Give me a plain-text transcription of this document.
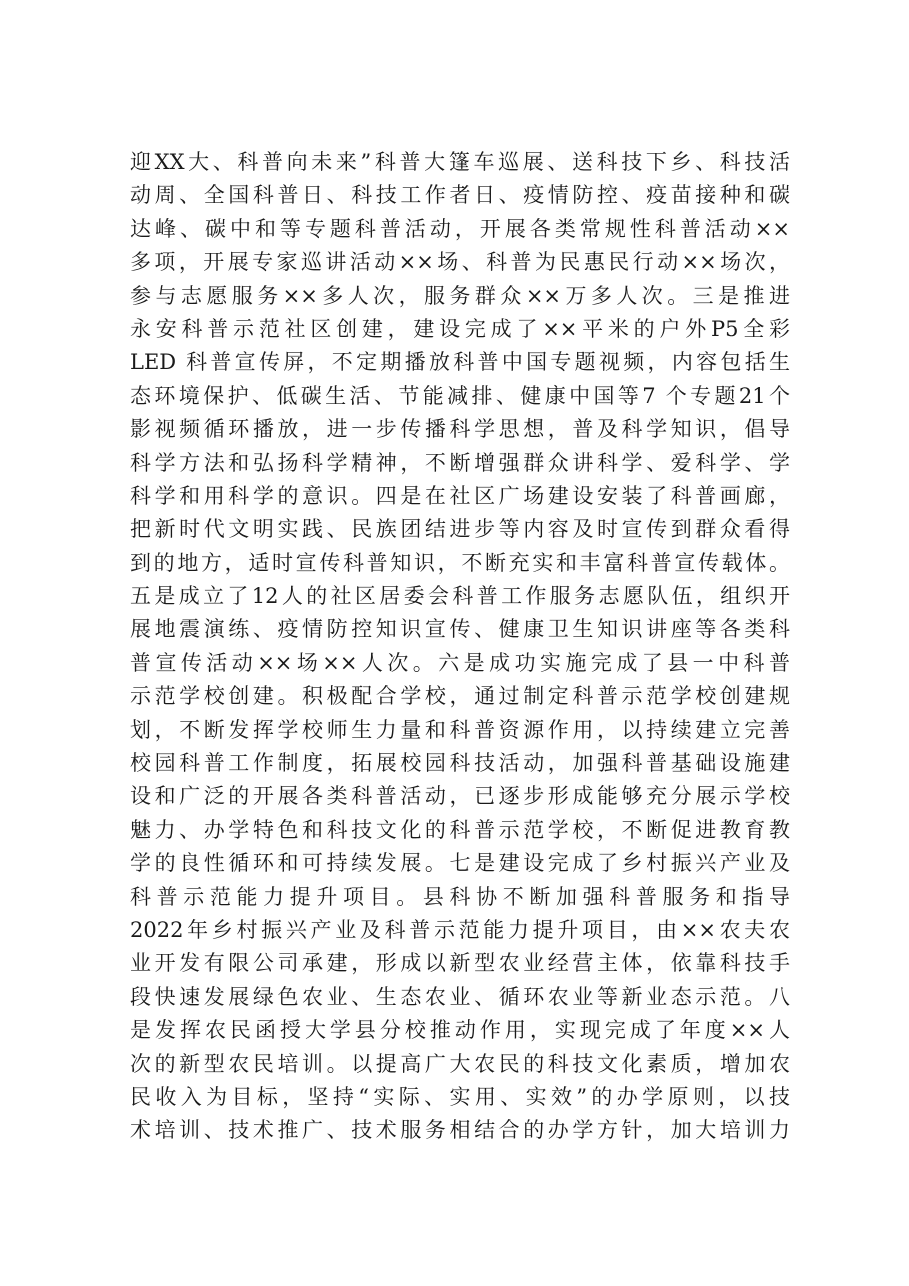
迎XX大、科普向未来”科普大篷车巡展、送科技下乡、科技活
动周、全国科普日、科技工作者日、疫情防控、疫苗接种和碳
达峰、碳中和等专题科普活动，开展各类常规性科普活动××
多项，开展专家巡讲活动××场、科普为民惠民行动××场次，
参与志愿服务××多人次，服务群众××万多人次。三是推进
永安科普示范社区创建，建设完成了××平米的户外P5全彩
LED 科普宣传屏，不定期播放科普中国专题视频，内容包括生
态环境保护、低碳生活、节能减排、健康中国等7 个专题21个
影视频循环播放，进一步传播科学思想，普及科学知识，倡导
科学方法和弘扬科学精神，不断增强群众讲科学、爱科学、学
科学和用科学的意识。四是在社区广场建设安装了科普画廊，
把新时代文明实践、民族团结进步等内容及时宣传到群众看得
到的地方，适时宣传科普知识，不断充实和丰富科普宣传载体。
五是成立了12人的社区居委会科普工作服务志愿队伍，组织开
展地震演练、疫情防控知识宣传、健康卫生知识讲座等各类科
普宣传活动××场××人次。六是成功实施完成了县一中科普
示范学校创建。积极配合学校，通过制定科普示范学校创建规
划，不断发挥学校师生力量和科普资源作用，以持续建立完善
校园科普工作制度，拓展校园科技活动，加强科普基础设施建
设和广泛的开展各类科普活动，已逐步形成能够充分展示学校
魅力、办学特色和科技文化的科普示范学校，不断促进教育教
学的良性循环和可持续发展。七是建设完成了乡村振兴产业及
科普示范能力提升项目。县科协不断加强科普服务和指导
2022年乡村振兴产业及科普示范能力提升项目，由××农夫农
业开发有限公司承建，形成以新型农业经营主体，依靠科技手
段快速发展绿色农业、生态农业、循环农业等新业态示范。八
是发挥农民函授大学县分校推动作用，实现完成了年度××人
次的新型农民培训。以提高广大农民的科技文化素质，增加农
民收入为目标，坚持“实际、实用、实效”的办学原则，以技
术培训、技术推广、技术服务相结合的办学方针，加大培训力
